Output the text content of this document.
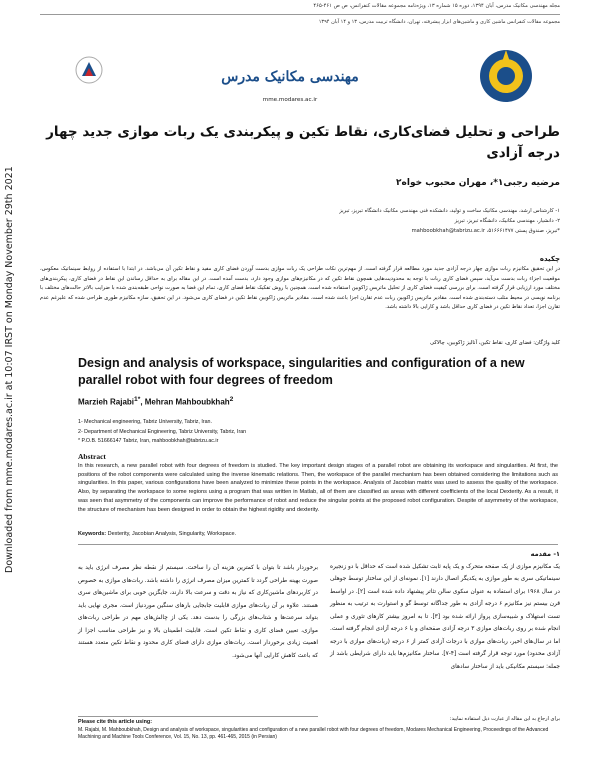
Downloaded from mme.modares.ac.ir at 10:07 IRST on Monday November 29th 2021
مجله مهندسی مکانیک مدرس، آبان ۱۳۹۴، دوره ۱۵ شماره ۱۳، ویژه‌نامه مجموعه مقالات کنفرانس، ص ص ۴۶۱-۴۶۵
مجموعه مقالات کنفرانس ماشین کاری و ماشین‌های ابزار پیشرفته، تهران، دانشگاه تربیت مدرس، ۱۳ و ۱۴ آبان ۱۳۹۴
مهندسی مکانیک مدرس
mme.modares.ac.ir
طراحی و تحلیل فضای‌کاری، نقاط تکین و پیکربندی یک ربات موازی جدید چهار درجه آزادی
مرضیه رجبی۱*، مهران محبوب خواه۲
۱- کارشناس ارشد، مهندسی مکانیک ساخت و تولید، دانشکده فنی مهندسی مکانیک دانشگاه تبریز، تبریز
۲- دانشیار، مهندسی مکانیک، دانشگاه تبریز، تبریز
*تبریز، صندوق پستی ۵۱۶۶۶۱۴۷۷، mahboobkhah@tabrizu.ac.ir
چکیده
در این تحقیق مکانیزم ربات موازی چهار درجه آزادی جدید مورد مطالعه قرار گرفته است. از مهم‌ترین نکات طراحی یک ربات موازی بدست آوردن فضای کاری مفید و نقاط تکین آن می‌باشد. در ابتدا با استفاده از روابط سینماتیک معکوس، موقعیت اجزاء ربات بدست می‌آید، سپس فضای کاری ربات با توجه به محدودیت‌هایی همچون نقاط تکین که در مکانیزم‌های موازی وجود دارد، بدست آمده است. در این مقاله برای به حداقل رساندن این نقاط در فضای کاری، پیکربندی‌های مختلف مورد ارزیابی قرار گرفته است. برای بررسی کیفیت فضای کاری از تحلیل ماتریس ژاکوبین استفاده شده است. همچنین با روش تفکیک نقاط فضای کاری، تمام این فضا به صورت نواحی طبقه‌بندی شده با ضرایب بالاتر حالت‌های مختلف با برنامه نویسی در محیط متلب دسته‌بندی شده است. مقادیر ماتریس ژاکوبین ربات عدم تقارن اجزا باعث شده است. مقادیر ماتریس ژاکوبین نقاط تکین در فضای کاری می‌شود. در این تحقیق، سازه مکانیزم طوری طراحی شده که علیرغم عدم تقارن اجزا، تعداد نقاط تکین در فضای کاری حداقل باشد و کارایی بالا داشته باشد.
کلید واژگان: فضای کاری، نقاط تکین، آنالیز ژاکوبین، چالاکی
Design and analysis of workspace, singularities and configuration of a new parallel robot with four degrees of freedom
Marzieh Rajabi$^{1*}$, Mehran Mahboubkhah$^2$
1- Mechanical engineering, Tabriz University, Tabriz, Iran.
2- Department of Mechanical Engineering, Tabriz University, Tabriz, Iran
* P.O.B. 51666147 Tabriz, Iran, mahboobkhah@tabrizu.ac.ir
Abstract
In this research, a new parallel robot with four degrees of freedom is studied. The key important design stages of a parallel robot are obtaining its workspace and singularities. At first, the positions of the robot components were calculated using the inverse kinematic relations. Then, the workspace of the parallel mechanism has been obtained considering the limitations such as singularities. In this paper, various configurations have been analyzed to minimize these points in the workspace. Analysis of Jacobian matrix was used to assess the quality of the workspace. Also, by separating the workspace to some regions using a program that was written in Matlab, all of them are classified as areas with different coefficients of the local Dexterity. As a result, it was seen that asymmetry of the components can improve the performance of robot and reduce the singular points at the proposed robot configuration. Despite of asymmetry of the workspace, the structure of mechanism has been designed in order to obtain the highest rigidity and dexterity.
Keywords: Dexterity, Jacobian Analysis, Singularity, Workspace.
۱- مقدمه
یک مکانیزم موازی از یک صفحه متحرک و یک پایه ثابت تشکیل شده است که حداقل با دو زنجیره سینماتیکی سری به طور موازی به یکدیگر اتصال دارند [۱]. نمونه‌ای از این ساختار توسط جوهلی در سال ۱۹۶۸ برای استفاده به عنوان سکوی سالن تئاتر پیشنهاد داده شده است [۲]. در اواسط قرن بیستم نیز مکانیزم ۶ درجه آزادی به طور جداگانه توسط گو و استوارت به ترتیب به منظور تست استهلاک و شبیه‌سازی پرواز ارائه شده بود [۳]. تا به امروز بیشتر کارهای تئوری و عملی انجام شده بر روی ربات‌های موازی ۳ درجه آزادی صفحه‌ای و یا ۶ درجه آزادی انجام گرفته است. اما در سال‌های اخیر، ربات‌های موازی با درجات آزادی کمتر از ۶ درجه (ربات‌های موازی با درجه آزادی محدود) مورد توجه قرار گرفته است [۴-۷]. ساختار مکانیزم‌ها باید دارای شرایطی باشد از جمله: سیستم مکانیکی باید از ساختار سادهای
برخوردار باشد تا بتوان با کمترین هزینه آن را ساخت. سیستم از نقطه نظر مصرف انرژی باید به صورت بهینه طراحی گردد تا کمترین میزان مصرف انرژی را داشته باشد. ربات‌های موازی به خصوص در کاربردهای ماشین‌کاری که نیاز به دقت و سرعت بالا دارند، جایگزین خوبی برای ماشین‌های سری هستند. علاوه بر آن ربات‌های موازی قابلیت جابجایی بارهای سنگین موردنیاز است. مجری نهایی باید بتواند سرعت‌ها و شتاب‌های بزرگی را بدست دهد. یکی از چالش‌های مهم در طراحی ربات‌های موازی، تعیین فضای کاری و نقاط تکین است. قابلیت اطمینان بالا و نیز طراحی مناسب اجزا از اهمیت زیادی برخوردار است. ربات‌های موازی دارای فضای کاری محدود و نقاط تکین متعدد هستند که باعث کاهش کارایی آنها می‌شود.
Please cite this article using:	برای ارجاع به این مقاله از عبارت ذیل استفاده نمایید:
M. Rajabi, M. Mahboubkhah, Design and analysis of workspace, singularities and configuration of a new parallel robot with four degrees of freedom, Modares Mechanical Engineering, Proceedings of the Advanced Machining and Machine Tools Conference, Vol. 15, No. 13, pp. 461-465, 2015 (in Persian)
